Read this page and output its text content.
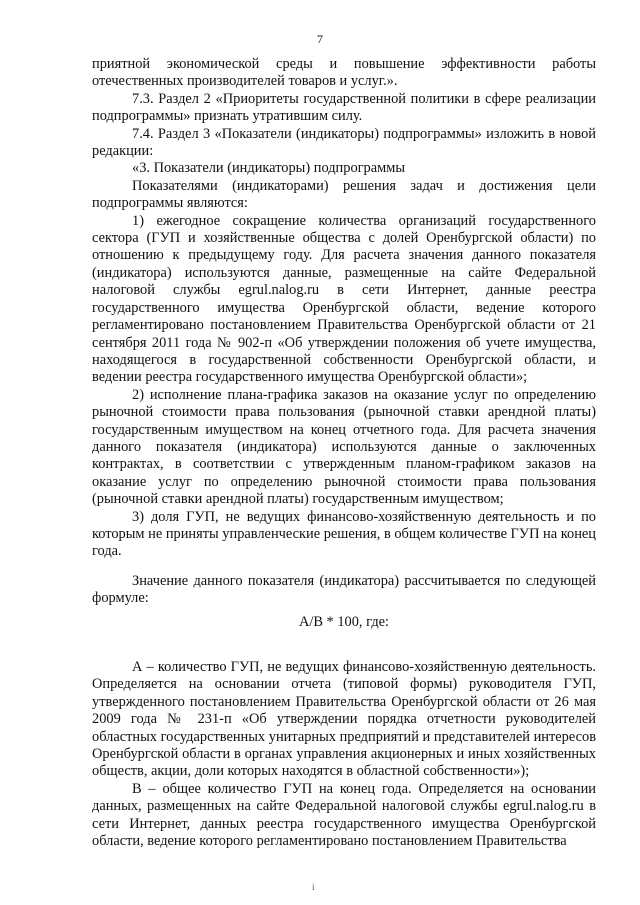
7

приятной экономической среды и повышение эффективности работы отечественных производителей товаров и услуг.».

7.3. Раздел 2 «Приоритеты государственной политики в сфере реализации подпрограммы» признать утратившим силу.

7.4. Раздел 3 «Показатели (индикаторы) подпрограммы» изложить в новой редакции:

«3. Показатели (индикаторы) подпрограммы

Показателями (индикаторами) решения задач и достижения цели подпрограммы являются:

1) ежегодное сокращение количества организаций государственного сектора (ГУП и хозяйственные общества с долей Оренбургской области) по отношению к предыдущему году. Для расчета значения данного показателя (индикатора) используются данные, размещенные на сайте Федеральной налоговой службы egrul.nalog.ru в сети Интернет, данные реестра государственного имущества Оренбургской области, ведение которого регламентировано постановлением Правительства Оренбургской области от 21 сентября 2011 года № 902-п «Об утверждении положения об учете имущества, находящегося в государственной собственности Оренбургской области, и ведении реестра государственного имущества Оренбургской области»;

2) исполнение плана-графика заказов на оказание услуг по определению рыночной стоимости права пользования (рыночной ставки арендной платы) государственным имуществом на конец отчетного года. Для расчета значения данного показателя (индикатора) используются данные о заключенных контрактах, в соответствии с утвержденным планом-графиком заказов на оказание услуг по определению рыночной стоимости права пользования (рыночной ставки арендной платы) государственным имуществом;

3) доля ГУП, не ведущих финансово-хозяйственную деятельность и по которым не приняты управленческие решения, в общем количестве ГУП на конец года.

Значение данного показателя (индикатора) рассчитывается по следующей формуле:

А/В * 100, где:

А – количество ГУП, не ведущих финансово-хозяйственную деятельность. Определяется на основании отчета (типовой формы) руководителя ГУП, утвержденного постановлением Правительства Оренбургской области от 26 мая 2009 года № 231-п «Об утверждении порядка отчетности руководителей областных государственных унитарных предприятий и представителей интересов Оренбургской области в органах управления акционерных и иных хозяйственных обществ, акции, доли которых находятся в областной собственности»);

В – общее количество ГУП на конец года. Определяется на основании данных, размещенных на сайте Федеральной налоговой службы egrul.nalog.ru в сети Интернет, данных реестра государственного имущества Оренбургской области, ведение которого регламентировано постановлением Правительства

i
